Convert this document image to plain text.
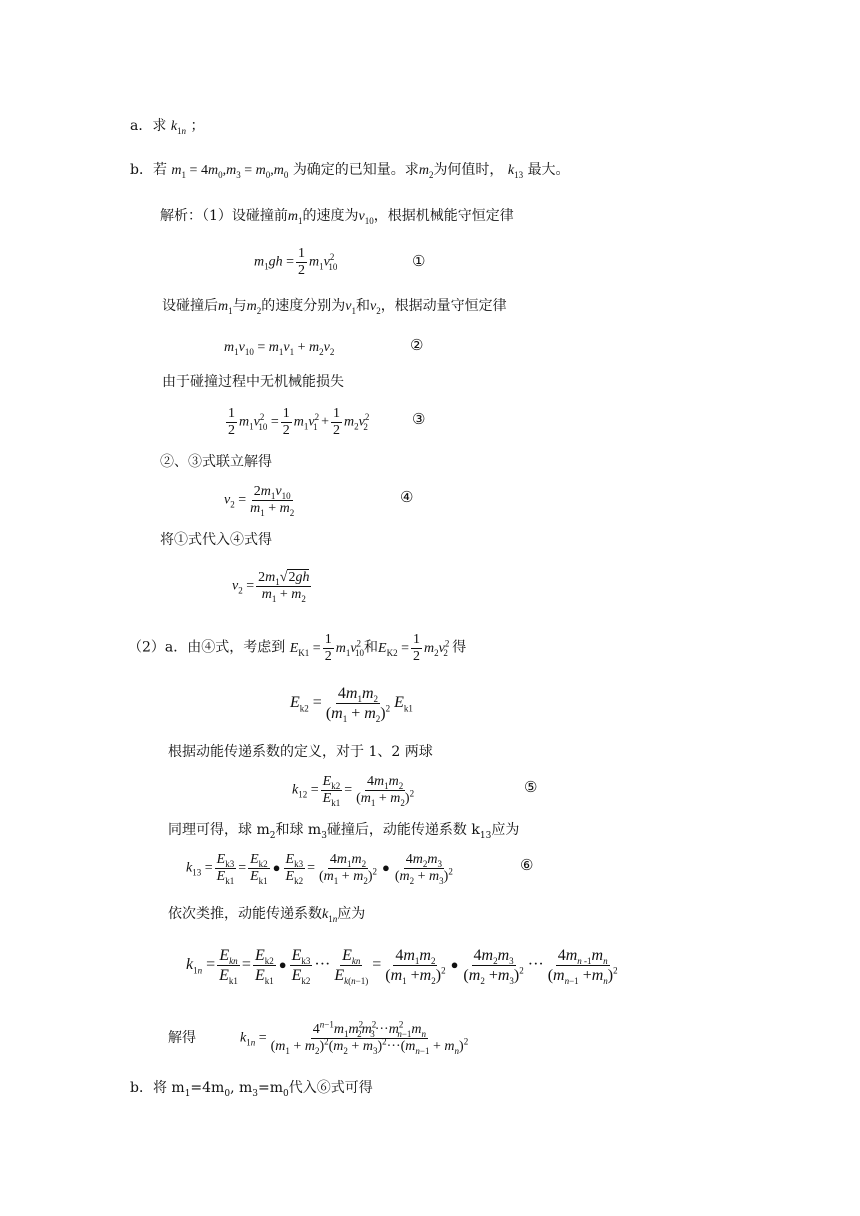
a．求 $k_{1n}$ ；
b．若 $m_1 = 4m_0,m_3 = m_0,m_0$ 为确定的已知量。求$m_2$为何值时， $k_{13}$ 最大。
解析：（1）设碰撞前$m_1$的速度为$v_{10}$，根据机械能守恒定律
$m_1gh = \frac{1}{2} m_1v^2_{10}$	①
设碰撞后$m_1$与$m_2$的速度分别为$v_1$和$v_2$，根据动量守恒定律
$m_1v_{10} = m_1v_1 + m_2v_2$	②
由于碰撞过程中无机械能损失
$\frac{1}{2} m_1v^2_{10} = \frac{1}{2} m_1v^2_1 + \frac{1}{2} m_2v^2_2$	③
②、③式联立解得
$v_2 = \frac{2m_1v_{10}}{m_1 + m_2}$	④
将①式代入④式得
$v_2 = \frac{2m_1√2gh}{m_1 + m_2}$
（2）a．由④式，考虑到 $E_{K1} = \frac{1}{2} m_1v^2_{10}$和$E_{K2} = \frac{1}{2} m_2v^2_2$ 得
$E_{k2} = \frac{4m_1m_2}{(m_1 + m_2)^2} E_{k1}$
根据动能传递系数的定义，对于 1、2 两球
$k_{12} = \frac{E_{k2}}{E_{k1}} = \frac{4m_1m_2}{(m_1 + m_2)^2}$	⑤
同理可得，球 $m_2$和球 $m_3$碰撞后，动能传递系数 $k_{13}$应为
$k_{13} = \frac{E_{k3}}{E_{k1}} = \frac{E_{k2}}{E_{k1}}$ ● $\frac{E_{k3}}{E_{k2}} = \frac{4m_1m_2}{(m_1 + m_2)^2}$ ● $\frac{4m_2m_3}{(m_2 + m_3)^2}$	⑥
依次类推，动能传递系数$k_{1n}$应为
$k_{1n} = \frac{E_{kn}}{E_{k1}} = \frac{E_{k2}}{E_{k1}}$ ● $\frac{E_{k3}}{E_{k2}}$ ··· $\frac{E_{kn}}{E_{k(n-1)}} = \frac{4m_1m_2}{(m_1 +m_2)^2}$ ● $\frac{4m_2m_3}{(m_2 +m_3)^2}$ ··· $\frac{4m_{n -1}m_n}{(m_{n-1} +m_n)^2}$
解得	$k_{1n} = \frac{4^{n-1}m_1m^2_2m^2_3\cdot\cdot\cdot m^2_{n-1}m_n}{(m_1 + m_2)^2(m_2 + m_3)^2\cdot\cdot\cdot(m_{n-1} + m_n)^2}$
b．将 $m_1=4m_0$, $m_3=m_0$代入⑥式可得
